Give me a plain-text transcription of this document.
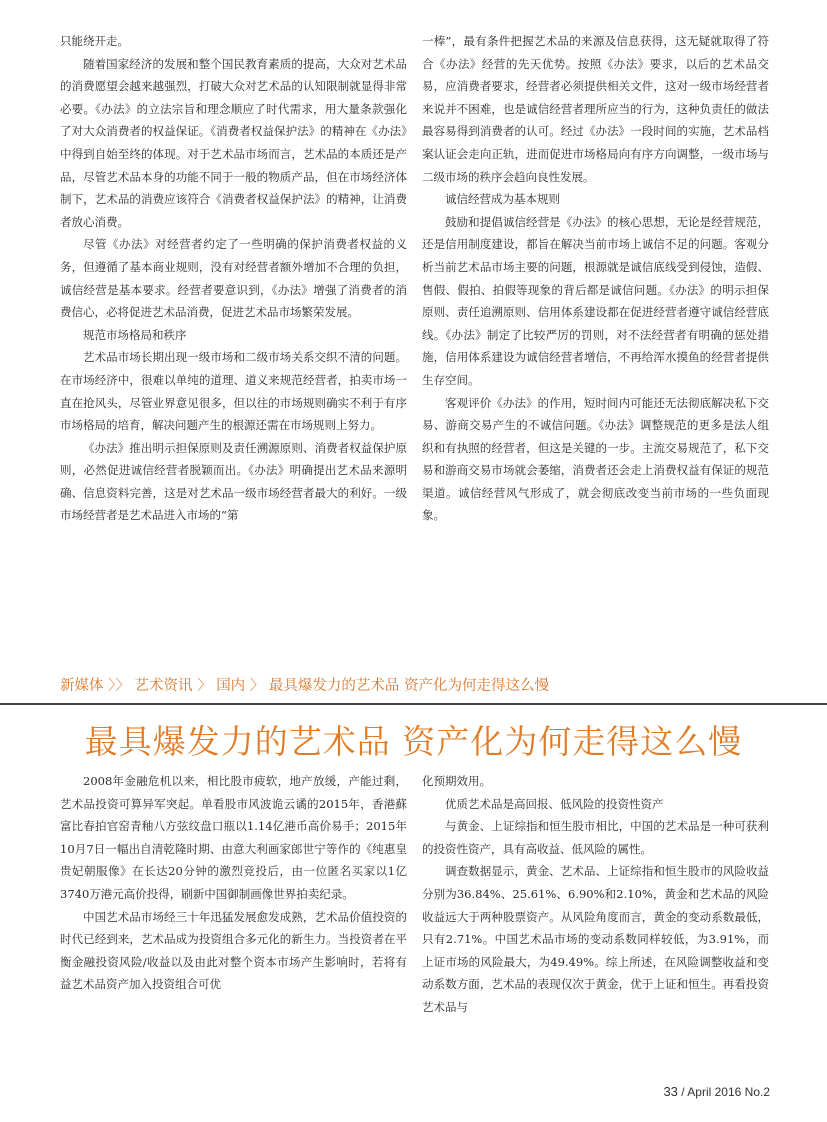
只能绕开走。

随着国家经济的发展和整个国民教育素质的提高，大众对艺术品的消费愿望会越来越强烈，打破大众对艺术品的认知限制就显得非常必要。《办法》的立法宗旨和理念顺应了时代需求，用大量条款强化了对大众消费者的权益保证。《消费者权益保护法》的精神在《办法》中得到自始至终的体现。对于艺术品市场而言，艺术品的本质还是产品，尽管艺术品本身的功能不同于一般的物质产品，但在市场经济体制下，艺术品的消费应该符合《消费者权益保护法》的精神，让消费者放心消费。

尽管《办法》对经营者约定了一些明确的保护消费者权益的义务，但遵循了基本商业规则，没有对经营者额外增加不合理的负担，诚信经营是基本要求。经营者要意识到，《办法》增强了消费者的消费信心，必将促进艺术品消费，促进艺术品市场繁荣发展。

规范市场格局和秩序

艺术品市场长期出现一级市场和二级市场关系交织不清的问题。在市场经济中，很难以单纯的道理、道义来规范经营者，拍卖市场一直在抢风头，尽管业界意见很多，但以往的市场规则确实不利于有序市场格局的培育，解决问题产生的根源还需在市场规则上努力。

《办法》推出明示担保原则及责任溯源原则、消费者权益保护原则，必然促进诚信经营者脱颖而出。《办法》明确提出艺术品来源明确、信息资料完善，这是对艺术品一级市场经营者最大的利好。一级市场经营者是艺术品进入市场的“第

一棒”，最有条件把握艺术品的来源及信息获得，这无疑就取得了符合《办法》经营的先天优势。按照《办法》要求，以后的艺术品交易，应消费者要求，经营者必须提供相关文件，这对一级市场经营者来说并不困难，也是诚信经营者理所应当的行为，这种负责任的做法最容易得到消费者的认可。经过《办法》一段时间的实施，艺术品档案认证会走向正轨，进而促进市场格局向有序方向调整，一级市场与二级市场的秩序会趋向良性发展。

诚信经营成为基本规则

鼓励和提倡诚信经营是《办法》的核心思想，无论是经营规范，还是信用制度建设，都旨在解决当前市场上诚信不足的问题。客观分析当前艺术品市场主要的问题，根源就是诚信底线受到侵蚀，造假、售假、假拍、拍假等现象的背后都是诚信问题。《办法》的明示担保原则、责任追溯原则、信用体系建设都在促进经营者遵守诚信经营底线。《办法》制定了比较严厉的罚则，对不法经营者有明确的惩处措施，信用体系建设为诚信经营者增信，不再给浑水摸鱼的经营者提供生存空间。

客观评价《办法》的作用，短时间内可能还无法彻底解决私下交易、游商交易产生的不诚信问题。《办法》调整规范的更多是法人组织和有执照的经营者，但这是关键的一步。主流交易规范了，私下交易和游商交易市场就会萎缩，消费者还会走上消费权益有保证的规范渠道。诚信经营风气形成了，就会彻底改变当前市场的一些负面现象。

新媒体 〉〉 艺术资讯 〉 国内 〉 最具爆发力的艺术品 资产化为何走得这么慢
最具爆发力的艺术品 资产化为何走得这么慢

2008年金融危机以来，相比股市疲软，地产放缓，产能过剩，艺术品投资可算异军突起。单看股市风波诡云谲的2015年，香港蘇富比春拍官窑青釉八方弦纹盘口瓶以1.14亿港币高价易手；2015年10月7日一幅出自清乾隆时期、由意大利画家郎世宁等作的《纯惠皇贵妃朝服像》在长达20分钟的激烈竞投后，由一位匿名买家以1亿3740万港元高价投得，刷新中国御制画像世界拍卖纪录。

中国艺术品市场经三十年迅猛发展愈发成熟，艺术品价值投资的时代已经到来，艺术品成为投资组合多元化的新生力。当投资者在平衡金融投资风险/收益以及由此对整个资本市场产生影响时，若将有益艺术品资产加入投资组合可优

化预期效用。

优质艺术品是高回报、低风险的投资性资产

与黄金、上证综指和恒生股市相比，中国的艺术品是一种可获利的投资性资产，具有高收益、低风险的属性。

调查数据显示，黄金、艺术品、上证综指和恒生股市的风险收益分别为36.84%、25.61%、6.90%和2.10%，黄金和艺术品的风险收益远大于两种股票资产。从风险角度而言，黄金的变动系数最低，只有2.71%。中国艺术品市场的变动系数同样较低，为3.91%，而上证市场的风险最大，为49.49%。综上所述，在风险调整收益和变动系数方面，艺术品的表现仅次于黄金，优于上证和恒生。再看投资艺术品与

33 / April 2016 No.2
